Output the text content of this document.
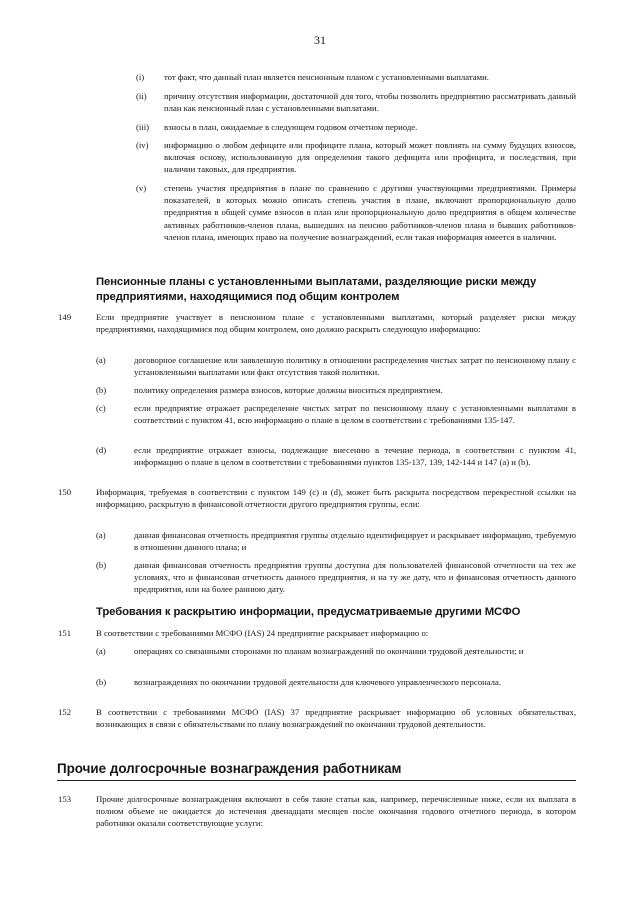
31
(i) тот факт, что данный план является пенсионным планом с установленными выплатами.
(ii) причину отсутствия информации, достаточной для того, чтобы позволить предприятию рассматривать данный план как пенсионный план с установленными выплатами.
(iii) взносы в план, ожидаемые в следующем годовом отчетном периоде.
(iv) информацию о любом дефиците или профиците плана, который может повлиять на сумму будущих взносов, включая основу, использованную для определения такого дефицита или профицита, и последствия, при наличии таковых, для предприятия.
(v) степень участия предприятия в плане по сравнению с другими участвующими предприятиями. Примеры показателей, в которых можно описать степень участия в плане, включают пропорциональную долю предприятия в общей сумме взносов в план или пропорциональную долю предприятия в общем количестве активных работников-членов плана, вышедших на пенсию работников-членов плана и бывших работников-членов плана, имеющих право на получение вознаграждений, если такая информация имеется в наличии.
Пенсионные планы с установленными выплатами, разделяющие риски между предприятиями, находящимися под общим контролем
149	Если предприятие участвует в пенсионном плане с установленными выплатами, который разделяет риски между предприятиями, находящимися под общим контролем, оно должно раскрыть следующую информацию:
(a)	договорное соглашение или заявленную политику в отношении распределения чистых затрат по пенсионному плану с установленными выплатами или факт отсутствия такой политики.
(b)	политику определения размера взносов, которые должны вноситься предприятием.
(c)	если предприятие отражает распределение чистых затрат по пенсионному плану с установленными выплатами в соответствии с пунктом 41, всю информацию о плане в целом в соответствии с требованиями 135-147.
(d)	если предприятие отражает взносы, подлежащие внесению в течение периода, в соответствии с пунктом 41, информацию о плане в целом в соответствии с требованиями пунктов 135-137, 139, 142-144 и 147 (a) и (b).
150	Информация, требуемая в соответствии с пунктом 149 (c) и (d), может быть раскрыта посредством перекрестной ссылки на информацию, раскрытую в финансовой отчетности другого предприятия группы, если:
(a)	данная финансовая отчетность предприятия группы отдельно идентифицирует и раскрывает информацию, требуемую в отношении данного плана; и
(b)	данная финансовая отчетность предприятия группы доступна для пользователей финансовой отчетности на тех же условиях, что и финансовая отчетность данного предприятия, и на ту же дату, что и финансовая отчетность данного предприятия, или на более раннюю дату.
Требования к раскрытию информации, предусматриваемые другими МСФО
151	В соответствии с требованиями МСФО (IAS) 24 предприятие раскрывает информацию о:
(a)	операциях со связанными сторонами по планам вознаграждений по окончании трудовой деятельности; и
(b)	вознаграждениях по окончании трудовой деятельности для ключевого управленческого персонала.
152	В соответствии с требованиями МСФО (IAS) 37 предприятие раскрывает информацию об условных обязательствах, возникающих в связи с обязательствами по плану вознаграждений по окончании трудовой деятельности.
Прочие долгосрочные вознаграждения работникам
153	Прочие долгосрочные вознаграждения включают в себя такие статьи как, например, перечисленные ниже, если их выплата в полном объеме не ожидается до истечения двенадцати месяцев после окончания годового отчетного периода, в котором работники оказали соответствующие услуги:
